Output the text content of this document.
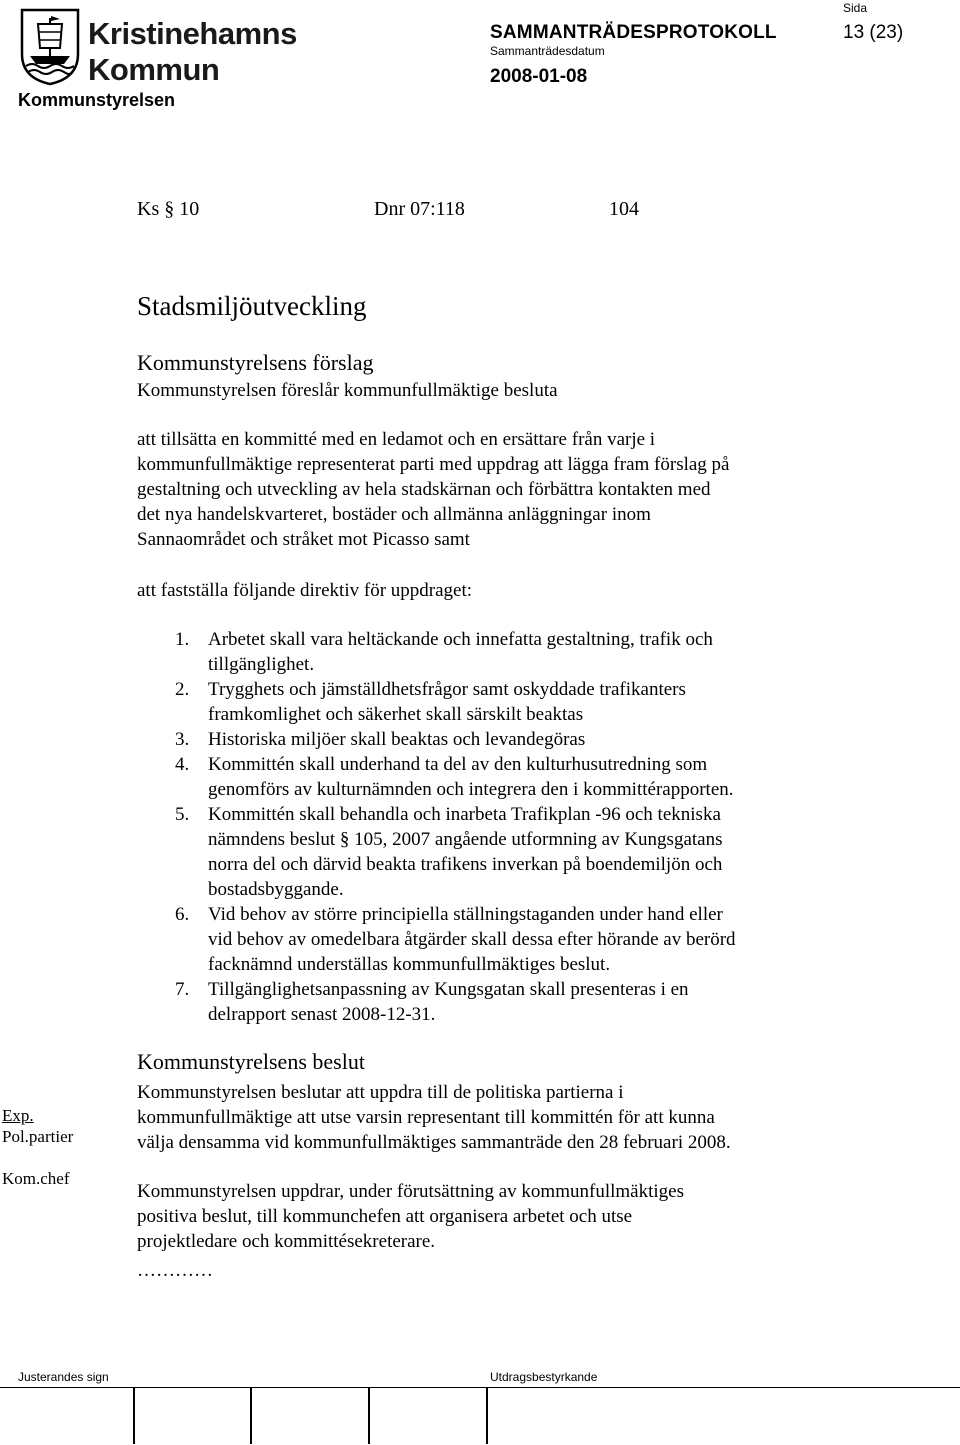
Kristinehamns
Kommun
Kommunstyrelsen
Sida
SAMMANTRÄDESPROTOKOLL	13 (23)
Sammanträdesdatum
2008-01-08
Ks § 10	Dnr 07:118	104
Stadsmiljöutveckling
Kommunstyrelsens förslag
Kommunstyrelsen föreslår kommunfullmäktige besluta
att tillsätta en kommitté med en ledamot och en ersättare från varje i
kommunfullmäktige representerat parti med uppdrag att lägga fram förslag på
gestaltning och utveckling av hela stadskärnan och förbättra kontakten med
det nya handelskvarteret, bostäder och allmänna anläggningar inom
Sannaområdet och stråket mot Picasso samt
att fastställa följande direktiv för uppdraget:
1. Arbetet skall vara heltäckande och innefatta gestaltning, trafik och
tillgänglighet.
2. Trygghets och jämställdhetsfrågor samt oskyddade trafikanters
framkomlighet och säkerhet skall särskilt beaktas
3. Historiska miljöer skall beaktas och levandegöras
4. Kommittén skall underhand ta del av den kulturhusutredning som
genomförs av kulturnämnden och integrera den i kommittérapporten.
5. Kommittén skall behandla och inarbeta Trafikplan -96 och tekniska
nämndens beslut § 105, 2007 angående utformning av Kungsgatans
norra del och därvid beakta trafikens inverkan på boendemiljön och
bostadsbyggande.
6. Vid behov av större principiella ställningstaganden under hand eller
vid behov av omedelbara åtgärder skall dessa efter hörande av berörd
facknämnd underställas kommunfullmäktiges beslut.
7. Tillgänglighetsanpassning av Kungsgatan skall presenteras i en
delrapport senast 2008-12-31.
Kommunstyrelsens beslut
Kommunstyrelsen beslutar att uppdra till de politiska partierna i
kommunfullmäktige att utse varsin representant till kommittén för att kunna
välja densamma vid kommunfullmäktiges sammanträde den 28 februari 2008.
Kommunstyrelsen uppdrar, under förutsättning av kommunfullmäktiges
positiva beslut, till kommunchefen att organisera arbetet och utse
projektledare och kommittésekreterare.
…………
Exp.
Pol.partier
Kom.chef
Justerandes sign	Utdragsbestyrkande
